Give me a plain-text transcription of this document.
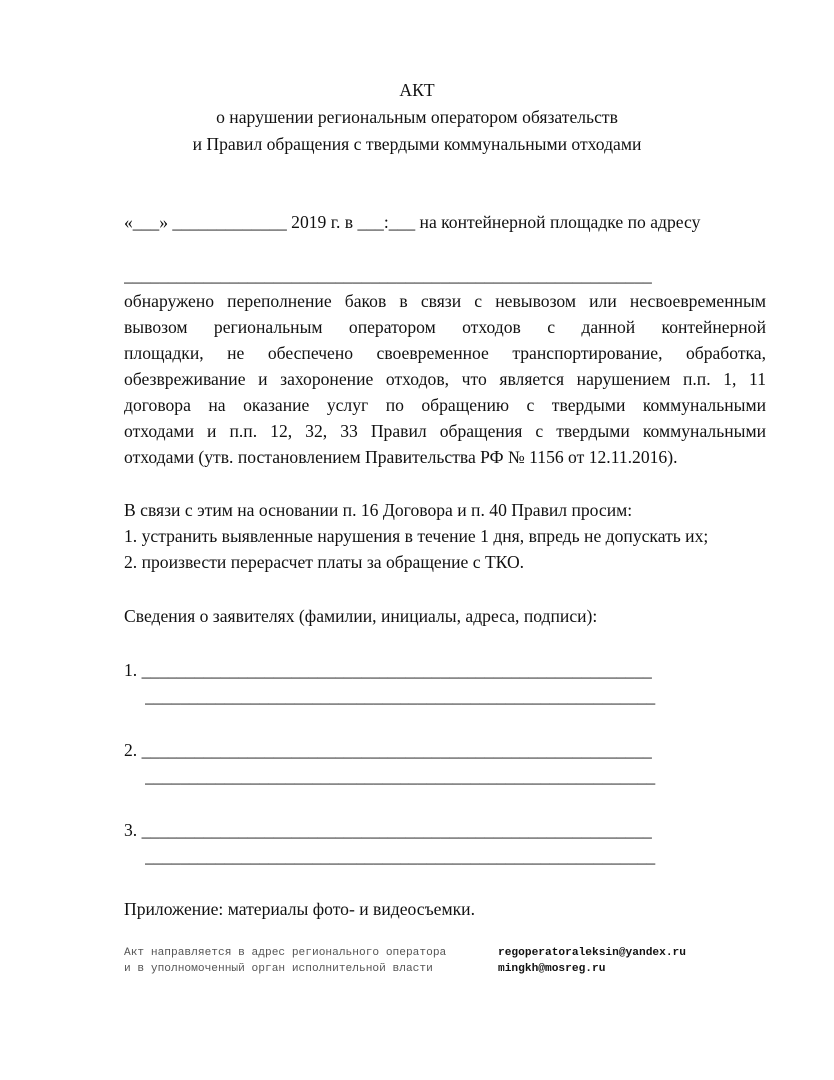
АКТ
о нарушении региональным оператором обязательств
и Правил обращения с твердыми коммунальными отходами
«___» _____________ 2019 г. в ___:___ на контейнерной площадке по адресу
____________________________________________________________
обнаружено переполнение баков в связи с невывозом или несвоевременным
вывозом региональным оператором отходов с данной контейнерной
площадки, не обеспечено своевременное транспортирование, обработка,
обезвреживание и захоронение отходов, что является нарушением п.п. 1, 11
договора на оказание услуг по обращению с твердыми коммунальными
отходами и п.п. 12, 32, 33 Правил обращения с твердыми коммунальными
отходами (утв. постановлением Правительства РФ № 1156 от 12.11.2016).
В связи с этим на основании п. 16 Договора и п. 40 Правил просим:
1. устранить выявленные нарушения в течение 1 дня, впредь не допускать их;
2. произвести перерасчет платы за обращение с ТКО.
Сведения о заявителях (фамилии, инициалы, адреса, подписи):
1. __________________________________________________________
__________________________________________________________
2. __________________________________________________________
__________________________________________________________
3. __________________________________________________________
__________________________________________________________
Приложение: материалы фото- и видеосъемки.
Акт направляется в адрес регионального оператора
и в уполномоченный орган исполнительной власти
regoperatoraleksin@yandex.ru
mingkh@mosreg.ru
